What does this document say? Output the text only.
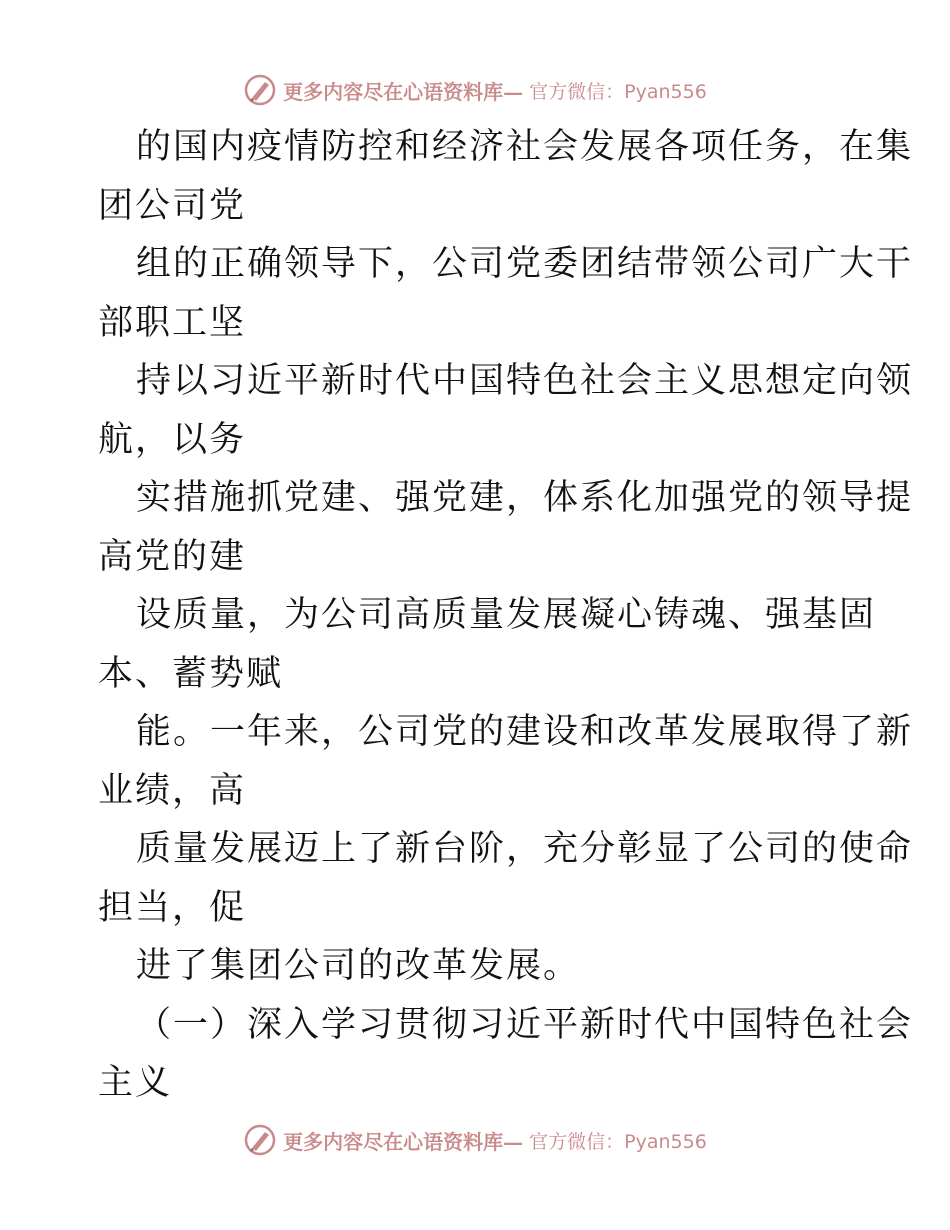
更多内容尽在心语资料库— 官方微信：Pyan556
的国内疫情防控和经济社会发展各项任务，在集
团公司党
组的正确领导下，公司党委团结带领公司广大干
部职工坚
持以习近平新时代中国特色社会主义思想定向领
航，以务
实措施抓党建、强党建，体系化加强党的领导提
高党的建
设质量，为公司高质量发展凝心铸魂、强基固
本、蓄势赋
能。一年来，公司党的建设和改革发展取得了新
业绩，高
质量发展迈上了新台阶，充分彰显了公司的使命
担当，促
进了集团公司的改革发展。
（一）深入学习贯彻习近平新时代中国特色社会
主义
更多内容尽在心语资料库— 官方微信：Pyan556
